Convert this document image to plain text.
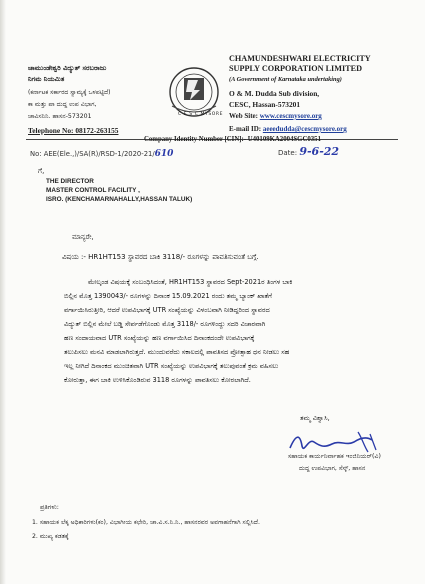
ಚಾಮುಂಡೇಶ್ವರಿ ವಿದ್ಯುತ್ ಸರಬರಾಜು
ನಿಗಮ ನಿಯಮಿತ
(ಕರ್ನಾಟಕ ಸರ್ಕಾರದ ಸ್ವಾಮ್ಯಕ್ಕೆ ಒಳಪಟ್ಟಿದೆ)
ಕಾ ಮತ್ತು ಪಾ ದುದ್ದ ಉಪ ವಿಭಾಗ,
ಚಾವಿಸನಿನಿ. ಹಾಸನ-573201
Telephone No: 08172-263155
C E S C MYSORE
CHAMUNDESHWARI ELECTRICITY
SUPPLY CORPORATION LIMITED
(A Government of Karnataka undertaking)
O & M. Dudda Sub division,
CESC, Hassan-573201
Web Site: www.cescmysore.org
E-mail ID: aeeedudda@cescmysore.org
Company Identity Number [CIN]:- U40109KA2004SGC0351
No: AEE(Ele.,)/SA(R)/RSD-1/2020-21/610	Date: 9-6-22
ಗೆ,
THE DIRECTOR
MASTER CONTROL FACILITY ,
ISRO. (KENCHAMARNAHALLY,HASSAN TALUK)
ಮಾನ್ಯರೇ,
ವಿಷಯ :- HR1HT153 ಸ್ಥಾವರದ ಬಾಕಿ 3118/- ರೂಗಳನ್ನು ಪಾವತಿಸುವಂತೆ ಬಗ್ಗೆ.
ಮೇಲ್ಕಂಡ ವಿಷಯಕ್ಕೆ ಸಂಬಂಧಿಸಿದಂತೆ, HR1HT153 ಸ್ಥಾವರದ Sept-2021ರ ತಿಂಗಳ ಬಾಕಿ
ಬಿಲ್ಲಿನ ಮೊತ್ತ 1390043/- ರೂಗಳನ್ನು ದಿನಾಂಕ 15.09.2021 ರಂದು ತಮ್ಮ ಬ್ಯಾಂಕ್ ಖಾತೆಗೆ
ವರ್ಗಾಯಿಸಿರುತ್ತೀರಿ, ಆದರೆ ಉಪವಿಭಾಗಕ್ಕೆ UTR ಸಂಖ್ಯೆಯನ್ನು ವಿಳಂಬವಾಗಿ ನೀಡಿದ್ದರಿಂದ ಸ್ಥಾವರದ
ವಿದ್ಯುತ್ ಬಿಲ್ಲಿನ ಮೇಲೆ ಬಡ್ಡಿ ಸೇರ್ಪಡೆಗೊಂಡು ಮೊತ್ತ 3118/- ರೂಗಳಿಂದ್ದು ಸದರಿ ವಿಚಾರವಾಗಿ
ಹಣ ಸಂದಾಯವಾದ UTR ಸಂಖ್ಯೆಯನ್ನು ಹಣ ವರ್ಗಾಯಿಸಿದ ದಿನಾಂಕದಂದೇ ಉಪವಿಭಾಗಕ್ಕೆ
ತಲುಪಿಸಲು ಮನವಿ ಮಾಡಲಾಗಿರುತ್ತದೆ. ಮುಂದುವರೆದು ಸಕಾಲದಲ್ಲಿ ಪಾವತಿಸದ ಪ್ರೋತ್ಸಾಹ ಧನ ನೀಡಲು ಸಹ
ಇಲ್ಲ ನೀಗಿದೆ ದಿನಾಂಕದ ಮುಂಚಿತವಾಗಿ UTR ಸಂಖ್ಯೆಯನ್ನು ಉಪವಿಭಾಗಕ್ಕೆ ತಲುಪುವಂತೆ ಕ್ರಮ ವಹಿಸಲು
ಕೋರುತ್ತಾ, ಈಗ ಬಾಕಿ ಉಳಿಸಿಕೊಂಡಿರುವ 3118 ರೂಗಳನ್ನು ಪಾವತಿಸಲು ಕೋರಲಾಗಿದೆ.
ತಮ್ಮ ವಿಶ್ವಾಸಿ,
ಸಹಾಯಕ ಕಾರ್ಯನಿರ್ವಾಹಕ ಇಂಜಿನಿಯರ್(ವಿ)
ದುದ್ದ ಉಪವಿಭಾಗ, ಸೆಸ್ಕ್, ಹಾಸನ
ಪ್ರತಿಗಳು:
1. ಸಹಾಯಕ ಲೆಕ್ಕ ಅಧಿಕಾರಿಗಳು(ಕಂ), ವಿಭಾಗೀಯ ಕಛೇರಿ, ಚಾ.ವಿ.ಸ.ನಿ.ನಿ., ಹಾಸನರವರ ಅವಗಾಹನೆಗಾಗಿ ಸಲ್ಲಿಸಿದೆ.
2. ಮುಖ್ಯ ಕಡತಕ್ಕೆ
